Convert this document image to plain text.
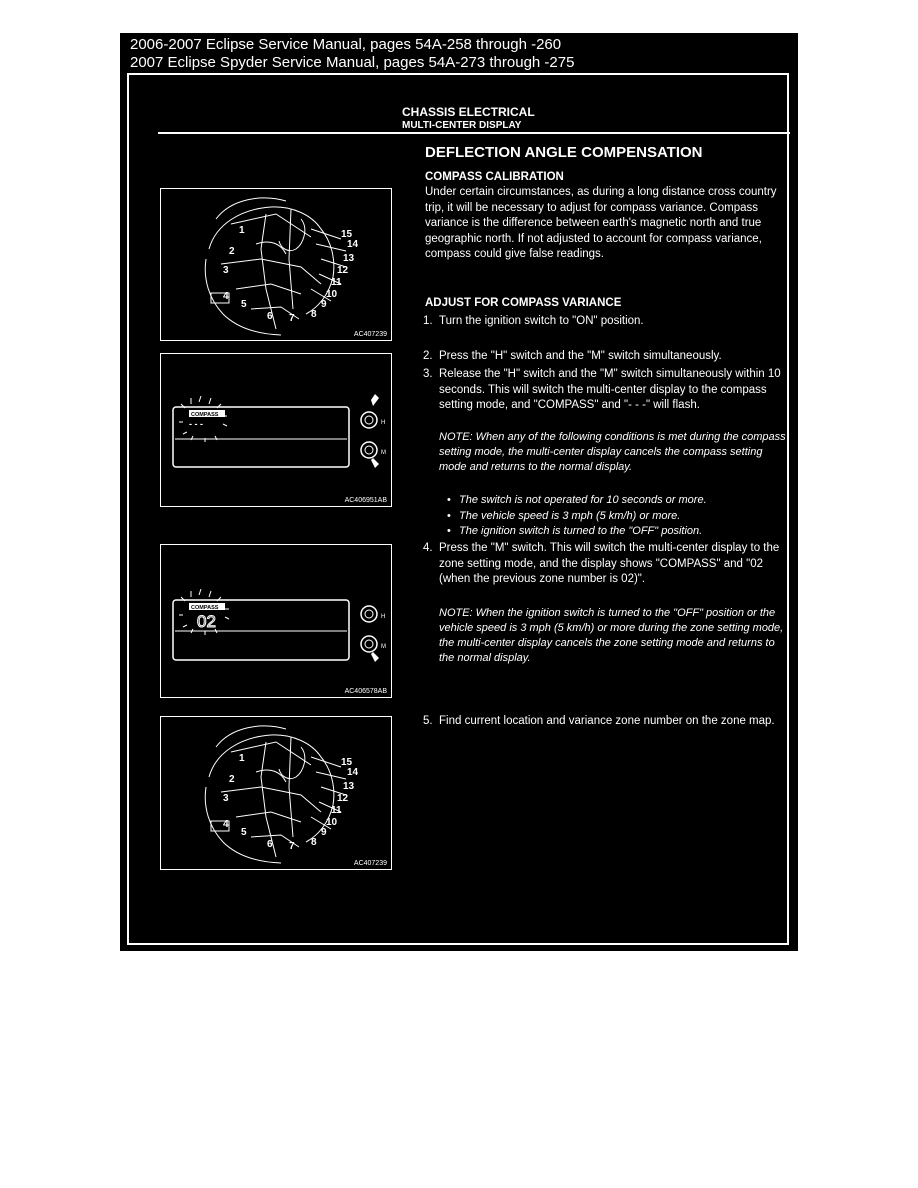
2006-2007 Eclipse Service Manual, pages 54A-258 through -260
2007 Eclipse Spyder Service Manual, pages 54A-273 through -275
CHASSIS ELECTRICAL
MULTI-CENTER DISPLAY
DEFLECTION ANGLE COMPENSATION
COMPASS CALIBRATION
Under certain circumstances, as during a long distance cross country trip, it will be necessary to adjust for compass variance. Compass variance is the difference between earth's magnetic north and true geographic north. If not adjusted to account for compass variance, compass could give false readings.
ADJUST FOR COMPASS VARIANCE
1. Turn the ignition switch to "ON" position.
2. Press the "H" switch and the "M" switch simultaneously.
3. Release the "H" switch and the "M" switch simultaneously within 10 seconds. This will switch the multi-center display to the compass setting mode, and "COMPASS" and "- - -" will flash.
NOTE: When any of the following conditions is met during the compass setting mode, the multi-center display cancels the compass setting mode and returns to the normal display.
• The switch is not operated for 10 seconds or more.
• The vehicle speed is 3 mph (5 km/h) or more.
• The ignition switch is turned to the "OFF" position.
4. Press the "M" switch. This will switch the multi-center display to the zone setting mode, and the display shows "COMPASS" and "02 (when the previous zone number is 02)".
NOTE: When the ignition switch is turned to the "OFF" position or the vehicle speed is 3 mph (5 km/h) or more during the zone setting mode, the multi-center display cancels the zone setting mode and returns to the normal display.
5. Find current location and variance zone number on the zone map.
1
2
3
4
5
6 7 8
9
10
11
12
13
14
15
AC407239
COMPASS
- - -	H
M
AC406951AB
COMPASS
02	H
M
AC406578AB
1
2
3
4
5
6 7 8
9
10
11
12
13
14
15
AC407239
